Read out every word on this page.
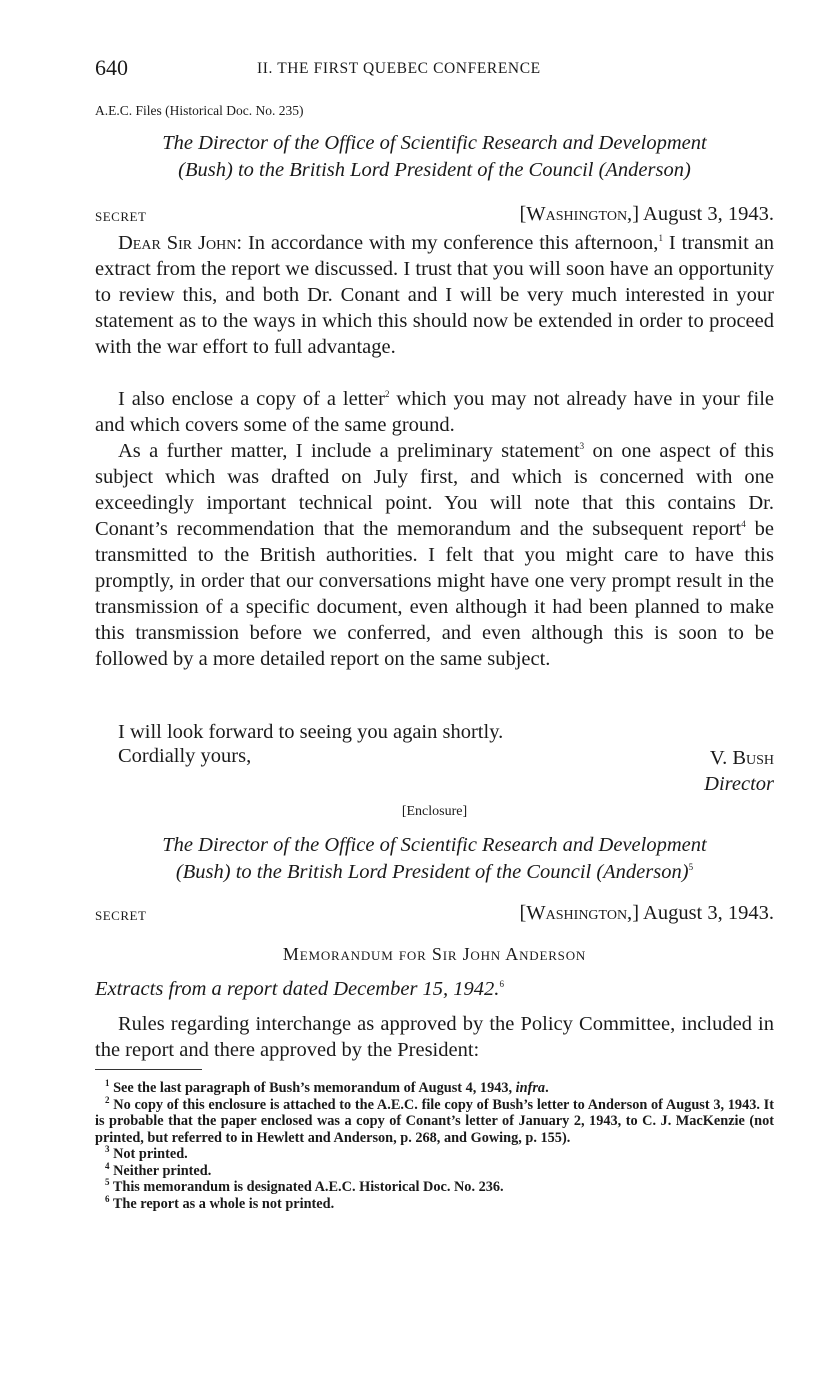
640	II. THE FIRST QUEBEC CONFERENCE
A.E.C. Files (Historical Doc. No. 235)
The Director of the Office of Scientific Research and Development
(Bush) to the British Lord President of the Council (Anderson)
SECRET	[Washington,] August 3, 1943.
Dear Sir John: In accordance with my conference this afternoon,$^1$ I transmit an extract from the report we discussed. I trust that you will soon have an opportunity to review this, and both Dr. Conant and I will be very much interested in your statement as to the ways in which this should now be extended in order to proceed with the war effort to full advantage.
I also enclose a copy of a letter$^2$ which you may not already have in your file and which covers some of the same ground.
As a further matter, I include a preliminary statement$^3$ on one aspect of this subject which was drafted on July first, and which is concerned with one exceedingly important technical point. You will note that this contains Dr. Conant’s recommendation that the memorandum and the subsequent report$^4$ be transmitted to the British authorities. I felt that you might care to have this promptly, in order that our conversations might have one very prompt result in the transmission of a specific document, even although it had been planned to make this transmission before we conferred, and even although this is soon to be followed by a more detailed report on the same subject.
I will look forward to seeing you again shortly.
Cordially yours,	V. Bush
Director
[Enclosure]
The Director of the Office of Scientific Research and Development
(Bush) to the British Lord President of the Council (Anderson)$^5$
SECRET	[Washington,] August 3, 1943.
Memorandum for Sir John Anderson
Extracts from a report dated December 15, 1942.$^6$
Rules regarding interchange as approved by the Policy Committee, included in the report and there approved by the President:
$^1$ See the last paragraph of Bush’s memorandum of August 4, 1943, infra.
$^2$ No copy of this enclosure is attached to the A.E.C. file copy of Bush’s letter to Anderson of August 3, 1943. It is probable that the paper enclosed was a copy of Conant’s letter of January 2, 1943, to C. J. MacKenzie (not printed, but referred to in Hewlett and Anderson, p. 268, and Gowing, p. 155).
$^3$ Not printed.
$^4$ Neither printed.
$^5$ This memorandum is designated A.E.C. Historical Doc. No. 236.
$^6$ The report as a whole is not printed.
